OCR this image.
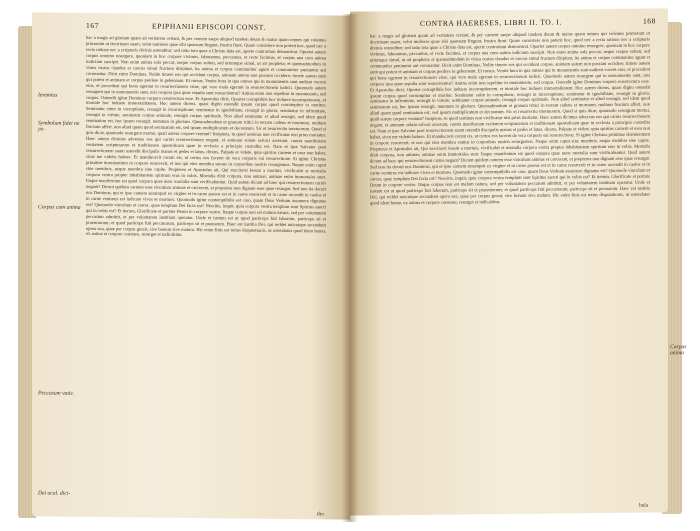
167	EPIPHANII EPISCOPI CONST.
Ieremias
Symbolum fidei ne ye-
Corpus cum anima
Peccasum vatic.
Dei ocul. dici-
hac a magis ad gloriam quam ad veritatem certant, & per carnem saepe aliquod tandem deum & maius quam omnes qui volentes primorum ut doctrinam suam, velut mulieres quae sibi sponsum fingunt, frustra fiunt. Quare consistere non poterit hoc, quod nec a recta ratione nec a scripturis divinis ostenditur; sed ratio tota quae a Christo data est, aperte contrarium demonstrat. Oportet autem corpus omnino resurgere, quoniam in hoc corpore vivimus, laboramus, peccamus, et recte facimus, et corpus una cum anima iudicium suscipit. Non enim anima sola peccat, neque corpus solum, sed utrumque simul, ut ait propheta; et quemadmodum in vinea custos claudus et caecus simul fructum diripiunt, ita anima et corpus communiter agunt et communiter puniuntur aut coronantur. Dicit enim Dominus, Nolite timere eos qui occidunt corpus, animam autem non possunt occidere; timete autem eum qui potest et animam et corpus perdere in gehennam. Et rursus, Veniet hora in qua omnes qui in monumentis sunt audient vocem eius, et procedent qui bona egerunt in resurrectionem vitae, qui vero mala egerunt in resurrectionem iudicii. Quomodo autem resurgent qui in monumentis sunt, nisi corpora ipsa quae sepulta sunt resuscitentur? Anima enim non sepelitur in monumento, sed corpus. Ostendit igitur Dominus corpora resurrectura esse. Et Apostolus dicit, Oportet corruptibile hoc induere incorruptionem, et mortale hoc induere immortalitatem. Hoc autem dicens, quasi digito ostendit ipsum corpus quod corrumpitur et moritur. Seminatur enim in corruptione, resurgit in incorruptione; seminatur in ignobilitate, resurgit in gloria; seminatur in infirmitate, resurgit in virtute; seminatur corpus animale, resurgit corpus spirituale. Non aliud seminatur et aliud resurgit, sed idem quod seminatum est, hoc ipsum resurgit, mutatum in gloriam. Quemadmodum et granum tritici in terram cadens et mortuum, multum fructum affert, non aliud quam quod seminatum est, sed ipsum multiplicatum et decoratum. Sic et resurrectio mortuorum. Quod si quis dicat, quomodo resurgunt mortui, quali autem corpore veniunt? Insipiens, tu quod seminas non vivificatur nisi prius moriatur. Haec autem dicimus adversus eos qui carnis resurrectionem negant, et animam solam salvari asserunt, contra manifestam veritatem scripturarum et traditionem apostolicam quae in ecclesia a principio custodita est. Nam et ipse Salvator post resurrectionem suam ostendit discipulis manus et pedes et latus, dicens, Palpate et videte, quia spiritus carnem et ossa non habet, sicut me videtis habere. Et manducavit coram eis, ut certos eos faceret de vera corporis sui resurrectione. Si igitur Christus primitiae dormientium in corpore resurrexit, et nos qui eius membra sumus in corporibus nostris resurgemus. Neque enim caput sine membris, neque membra sine capite. Propterea et Apostolus ait, Qui suscitavit Iesum a mortuis, vivificabit et mortalia corpora vestra propter inhabitantem spiritum eius in vobis. Mortalia dixit corpora, non animas; animae enim immortales sunt. Itaque manifestum est quod corpora quae nunc mortalia sunt vivificabuntur. Quid autem dicunt ad haec qui resurrectionem carnis negant? Dicunt quidem carnem esse vinculum animae et carcerem, et propterea non dignam esse quae resurgat. Sed non ita docuit nos Dominus, qui et ipse carnem assumpsit ex virgine et in carne passus est et in carne resurrexit et in carne ascendit in caelos et in carne venturus est iudicare vivos et mortuos. Quomodo igitur contemptibilis est caro, quam Deus Verbum assumere dignatus est? Quomodo vinculum et carcer, quae templum Dei facta est? Nescitis, inquit, quia corpora vestra templum sunt Spiritus sancti qui in vobis est? Et iterum, Glorificate et portate Deum in corpore vestro. Itaque corpus non est malum natura, sed per voluntatem peccatum admittit, et per voluntatem iustitiam operatur. Unde et iustum est ut quod particeps fuit laborum, particeps sit et praemiorum; et quod particeps fuit peccatorum, particeps sit et poenarum. Haec est iustitia Dei, qui reddet unicuique secundum opera sua, quae per corpus gessit, sive bonum sive malum. Hic enim finis est totius disputationis, ut ostendatur quod idem homo, ex anima et corpore constans, resurget et iudicabitur.
ifto
CONTRA HAERESES, LIBRI II. TO. I.	168
hac a magis ad gloriam quam ad veritatem certant, & per carnem saepe aliquod tandem deum & maius quam omnes qui volentes primorum ut doctrinam suam, velut mulieres quae sibi sponsum fingunt, frustra fiunt. Quare consistere non poterit hoc, quod nec a recta ratione nec a scripturis divinis ostenditur; sed ratio tota quae a Christo data est, aperte contrarium demonstrat. Oportet autem corpus omnino resurgere, quoniam in hoc corpore vivimus, laboramus, peccamus, et recte facimus, et corpus una cum anima iudicium suscipit. Non enim anima sola peccat, neque corpus solum, sed utrumque simul, ut ait propheta; et quemadmodum in vinea custos claudus et caecus simul fructum diripiunt, ita anima et corpus communiter agunt et communiter puniuntur aut coronantur. Dicit enim Dominus, Nolite timere eos qui occidunt corpus, animam autem non possunt occidere; timete autem eum qui potest et animam et corpus perdere in gehennam. Et rursus, Veniet hora in qua omnes qui in monumentis sunt audient vocem eius, et procedent qui bona egerunt in resurrectionem vitae, qui vero mala egerunt in resurrectionem iudicii. Quomodo autem resurgent qui in monumentis sunt, nisi corpora ipsa quae sepulta sunt resuscitentur? Anima enim non sepelitur in monumento, sed corpus. Ostendit igitur Dominus corpora resurrectura esse. Et Apostolus dicit, Oportet corruptibile hoc induere incorruptionem, et mortale hoc induere immortalitatem. Hoc autem dicens, quasi digito ostendit ipsum corpus quod corrumpitur et moritur. Seminatur enim in corruptione, resurgit in incorruptione; seminatur in ignobilitate, resurgit in gloria; seminatur in infirmitate, resurgit in virtute; seminatur corpus animale, resurgit corpus spirituale. Non aliud seminatur et aliud resurgit, sed idem quod seminatum est, hoc ipsum resurgit, mutatum in gloriam. Quemadmodum et granum tritici in terram cadens et mortuum, multum fructum affert, non aliud quam quod seminatum est, sed ipsum multiplicatum et decoratum. Sic et resurrectio mortuorum. Quod si quis dicat, quomodo resurgunt mortui, quali autem corpore veniunt? Insipiens, tu quod seminas non vivificatur nisi prius moriatur. Haec autem dicimus adversus eos qui carnis resurrectionem negant, et animam solam salvari asserunt, contra manifestam veritatem scripturarum et traditionem apostolicam quae in ecclesia a principio custodita est. Nam et ipse Salvator post resurrectionem suam ostendit discipulis manus et pedes et latus, dicens, Palpate et videte, quia spiritus carnem et ossa non habet, sicut me videtis habere. Et manducavit coram eis, ut certos eos faceret de vera corporis sui resurrectione. Si igitur Christus primitiae dormientium in corpore resurrexit, et nos qui eius membra sumus in corporibus nostris resurgemus. Neque enim caput sine membris, neque membra sine capite. Propterea et Apostolus ait, Qui suscitavit Iesum a mortuis, vivificabit et mortalia corpora vestra propter inhabitantem spiritum eius in vobis. Mortalia dixit corpora, non animas; animae enim immortales sunt. Itaque manifestum est quod corpora quae nunc mortalia sunt vivificabuntur. Quid autem dicunt ad haec qui resurrectionem carnis negant? Dicunt quidem carnem esse vinculum animae et carcerem, et propterea non dignam esse quae resurgat. Sed non ita docuit nos Dominus, qui et ipse carnem assumpsit ex virgine et in carne passus est et in carne resurrexit et in carne ascendit in caelos et in carne venturus est iudicare vivos et mortuos. Quomodo igitur contemptibilis est caro, quam Deus Verbum assumere dignatus est? Quomodo vinculum et carcer, quae templum Dei facta est? Nescitis, inquit, quia corpora vestra templum sunt Spiritus sancti qui in vobis est? Et iterum, Glorificate et portate Deum in corpore vestro. Itaque corpus non est malum natura, sed per voluntatem peccatum admittit, et per voluntatem iustitiam operatur. Unde et iustum est ut quod particeps fuit laborum, particeps sit et praemiorum; et quod particeps fuit peccatorum, particeps sit et poenarum. Haec est iustitia Dei, qui reddet unicuique secundum opera sua, quae per corpus gessit, sive bonum sive malum. Hic enim finis est totius disputationis, ut ostendatur quod idem homo, ex anima et corpore constans, resurget et iudicabitur.
Corpus anima
bula
